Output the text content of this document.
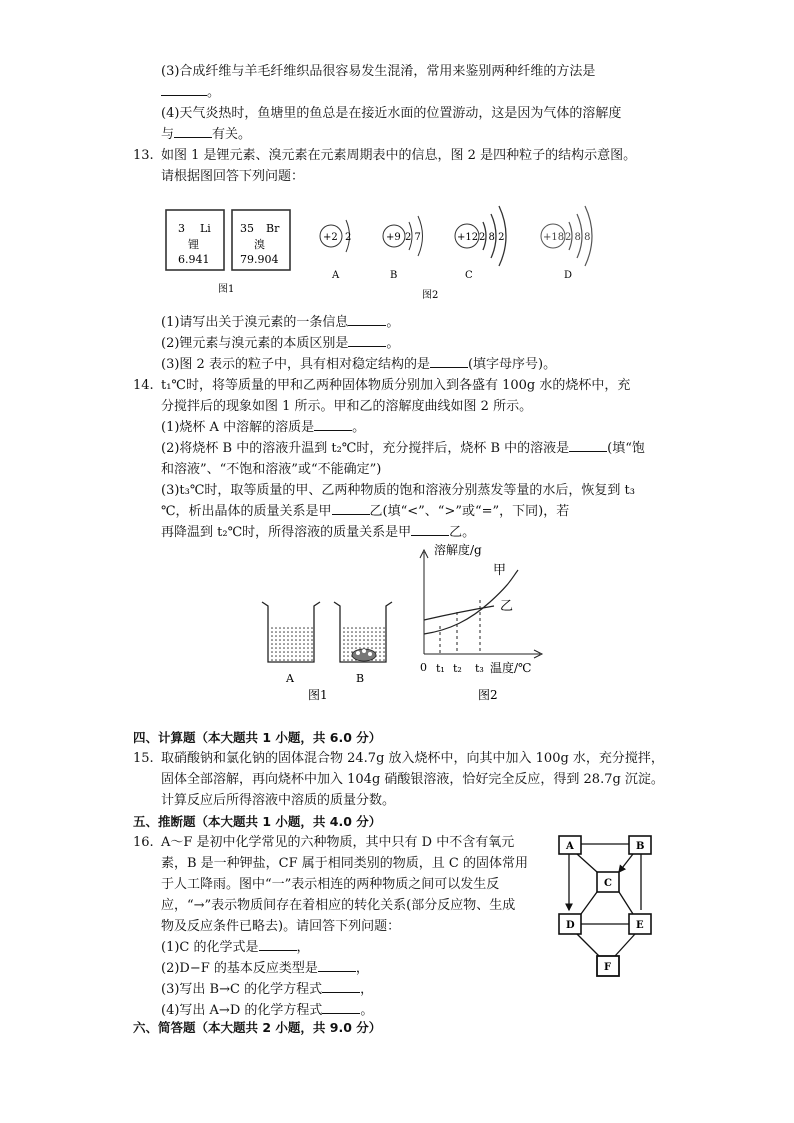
(3)合成纤维与羊毛纤维织品很容易发生混淆，常用来鉴别两种纤维的方法是
。
(4)天气炎热时，鱼塘里的鱼总是在接近水面的位置游动，这是因为气体的溶解度
与	有关。
13. 如图 1 是锂元素、溴元素在元素周期表中的信息，图 2 是四种粒子的结构示意图。
请根据图回答下列问题：
3 Li
锂
6.941
35 Br
溴
79.904
图1
+2 2
A
+9 2 7
B
+12 2 8 2
C
+18 2 8 8
D
图2
(1)请写出关于溴元素的一条信息	。
(2)锂元素与溴元素的本质区别是	。
(3)图 2 表示的粒子中，具有相对稳定结构的是	(填字母序号)。
14. t₁℃时，将等质量的甲和乙两种固体物质分别加入到各盛有 100g 水的烧杯中，充
分搅拌后的现象如图 1 所示。甲和乙的溶解度曲线如图 2 所示。
(1)烧杯 A 中溶解的溶质是	。
(2)将烧杯 B 中的溶液升温到 t₂℃时，充分搅拌后，烧杯 B 中的溶液是	(填“饱
和溶液”、“不饱和溶液”或“不能确定”)
(3)t₃℃时，取等质量的甲、乙两种物质的饱和溶液分别蒸发等量的水后，恢复到 t₃
℃，析出晶体的质量关系是甲	乙(填“<”、“>”或“=”，下同)，若
再降温到 t₂℃时，所得溶液的质量关系是甲	乙。
A	B
图1
溶解度/g
甲
乙
0 t₁ t₂ t₃ 温度/℃
图2
四、计算题（本大题共 1 小题，共 6.0 分）
15. 取硝酸钠和氯化钠的固体混合物 24.7g 放入烧杯中，向其中加入 100g 水，充分搅拌，
固体全部溶解，再向烧杯中加入 104g 硝酸银溶液，恰好完全反应，得到 28.7g 沉淀。
计算反应后所得溶液中溶质的质量分数。
五、推断题（本大题共 1 小题，共 4.0 分）
16. A～F 是初中化学常见的六种物质，其中只有 D 中不含有氧元
素，B 是一种钾盐，CF 属于相同类别的物质，且 C 的固体常用
于人工降雨。图中“一”表示相连的两种物质之间可以发生反
应，“→”表示物质间存在着相应的转化关系(部分反应物、生成
物及反应条件已略去)。请回答下列问题：
(1)C 的化学式是	，
(2)D−F 的基本反应类型是	，
(3)写出 B→C 的化学方程式	，
(4)写出 A→D 的化学方程式	。
A	B
C
D	E
F
六、简答题（本大题共 2 小题，共 9.0 分）
